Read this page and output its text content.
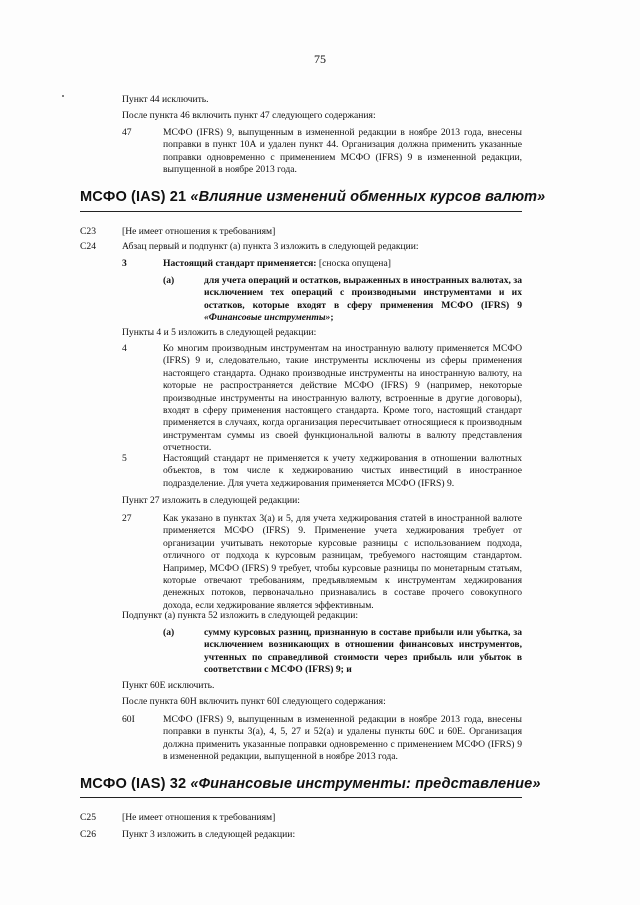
75
Пункт 44 исключить.
После пункта 46 включить пункт 47 следующего содержания:
47	МСФО (IFRS) 9, выпущенным в измененной редакции в ноябре 2013 года, внесены поправки в пункт 10А и удален пункт 44. Организация должна применить указанные поправки одновременно с применением МСФО (IFRS) 9 в измененной редакции, выпущенной в ноябре 2013 года.
МСФО (IAS) 21 «Влияние изменений обменных курсов валют»
C23	[Не имеет отношения к требованиям]
C24	Абзац первый и подпункт (а) пункта 3 изложить в следующей редакции:
3	Настоящий стандарт применяется: [сноска опущена]
(a)	для учета операций и остатков, выраженных в иностранных валютах, за исключением тех операций с производными инструментами и их остатков, которые входят в сферу применения МСФО (IFRS) 9 «Финансовые инструменты»;
Пункты 4 и 5 изложить в следующей редакции:
4	Ко многим производным инструментам на иностранную валюту применяется МСФО (IFRS) 9 и, следовательно, такие инструменты исключены из сферы применения настоящего стандарта. Однако производные инструменты на иностранную валюту, на которые не распространяется действие МСФО (IFRS) 9 (например, некоторые производные инструменты на иностранную валюту, встроенные в другие договоры), входят в сферу применения настоящего стандарта. Кроме того, настоящий стандарт применяется в случаях, когда организация пересчитывает относящиеся к производным инструментам суммы из своей функциональной валюты в валюту представления отчетности.
5	Настоящий стандарт не применяется к учету хеджирования в отношении валютных объектов, в том числе к хеджированию чистых инвестиций в иностранное подразделение. Для учета хеджирования применяется МСФО (IFRS) 9.
Пункт 27 изложить в следующей редакции:
27	Как указано в пунктах 3(а) и 5, для учета хеджирования статей в иностранной валюте применяется МСФО (IFRS) 9. Применение учета хеджирования требует от организации учитывать некоторые курсовые разницы с использованием подхода, отличного от подхода к курсовым разницам, требуемого настоящим стандартом. Например, МСФО (IFRS) 9 требует, чтобы курсовые разницы по монетарным статьям, которые отвечают требованиям, предъявляемым к инструментам хеджирования денежных потоков, первоначально признавались в составе прочего совокупного дохода, если хеджирование является эффективным.
Подпункт (а) пункта 52 изложить в следующей редакции:
(a)	сумму курсовых разниц, признанную в составе прибыли или убытка, за исключением возникающих в отношении финансовых инструментов, учтенных по справедливой стоимости через прибыль или убыток в соответствии с МСФО (IFRS) 9; и
Пункт 60Е исключить.
После пункта 60Н включить пункт 60I следующего содержания:
60I	МСФО (IFRS) 9, выпущенным в измененной редакции в ноябре 2013 года, внесены поправки в пункты 3(а), 4, 5, 27 и 52(а) и удалены пункты 60С и 60Е. Организация должна применить указанные поправки одновременно с применением МСФО (IFRS) 9 в измененной редакции, выпущенной в ноябре 2013 года.
МСФО (IAS) 32 «Финансовые инструменты: представление»
C25	[Не имеет отношения к требованиям]
C26	Пункт 3 изложить в следующей редакции:
